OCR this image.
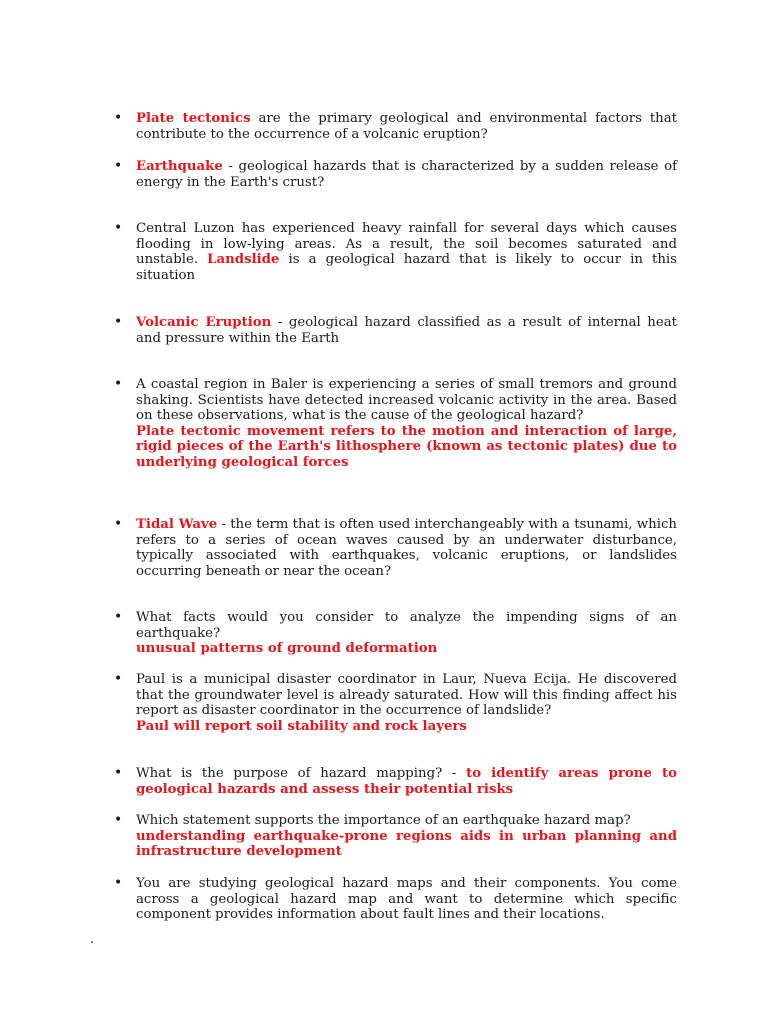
• Plate tectonics are the primary geological and environmental factors that contribute to the occurrence of a volcanic eruption?
• Earthquake - geological hazards that is characterized by a sudden release of energy in the Earth's crust?
• Central Luzon has experienced heavy rainfall for several days which causes flooding in low-lying areas. As a result, the soil becomes saturated and unstable. Landslide is a geological hazard that is likely to occur in this situation
• Volcanic Eruption - geological hazard classified as a result of internal heat and pressure within the Earth
• A coastal region in Baler is experiencing a series of small tremors and ground shaking. Scientists have detected increased volcanic activity in the area. Based on these observations, what is the cause of the geological hazard?
Plate tectonic movement refers to the motion and interaction of large, rigid pieces of the Earth's lithosphere (known as tectonic plates) due to underlying geological forces
• Tidal Wave - the term that is often used interchangeably with a tsunami, which refers to a series of ocean waves caused by an underwater disturbance, typically associated with earthquakes, volcanic eruptions, or landslides occurring beneath or near the ocean?
• What facts would you consider to analyze the impending signs of an earthquake?
unusual patterns of ground deformation
• Paul is a municipal disaster coordinator in Laur, Nueva Ecija. He discovered that the groundwater level is already saturated. How will this finding affect his report as disaster coordinator in the occurrence of landslide?
Paul will report soil stability and rock layers
• What is the purpose of hazard mapping? - to identify areas prone to geological hazards and assess their potential risks
• Which statement supports the importance of an earthquake hazard map?
understanding earthquake-prone regions aids in urban planning and infrastructure development
• You are studying geological hazard maps and their components. You come across a geological hazard map and want to determine which specific component provides information about fault lines and their locations.
.
